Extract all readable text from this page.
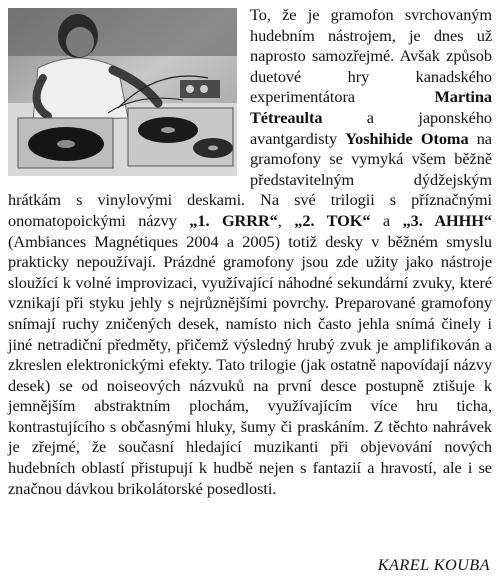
To, že je gramofon svrchovaným hudebním nástrojem, je dnes už naprosto samozřejmé. Avšak způsob duetové hry kanadského experimentátora Martina Tétreaulta a japonského avantgardisty Yoshihide Otoma na gramofony se vymyká všem běžně představitelným dýdžejským hrátkám s vinylovými deskami. Na své trilogii s příznačnými onomatopoickými názvy „1. GRRR“, „2. TOK“ a „3. AHHH“ (Ambiances Magnétiques 2004 a 2005) totiž desky v běžném smyslu prakticky nepoužívají. Prázdné gramofony jsou zde užity jako nástroje sloužící k volné improvizaci, využívající náhodné sekundární zvuky, které vznikají při styku jehly s nejrůznějšími povrchy. Preparované gramofony snímají ruchy zničených desek, namísto nich často jehla snímá činely i jiné netradiční předměty, přičemž výsledný hrubý zvuk je amplifikován a zkreslen elektronickými efekty. Tato trilogie (jak ostatně napovídají názvy desek) se od noiseových názvuků na první desce postupně ztišuje k jemnějším abstraktním plochám, využívajícím více hru ticha, kontrastujícího s občasnými hluky, šumy či praskáním. Z těchto nahrávek je zřejmé, že současní hledající muzikanti při objevování nových hudebních oblastí přistupují k hudbě nejen s fantazií a hravostí, ale i se značnou dávkou brikolátorské posedlosti.
KAREL KOUBA
